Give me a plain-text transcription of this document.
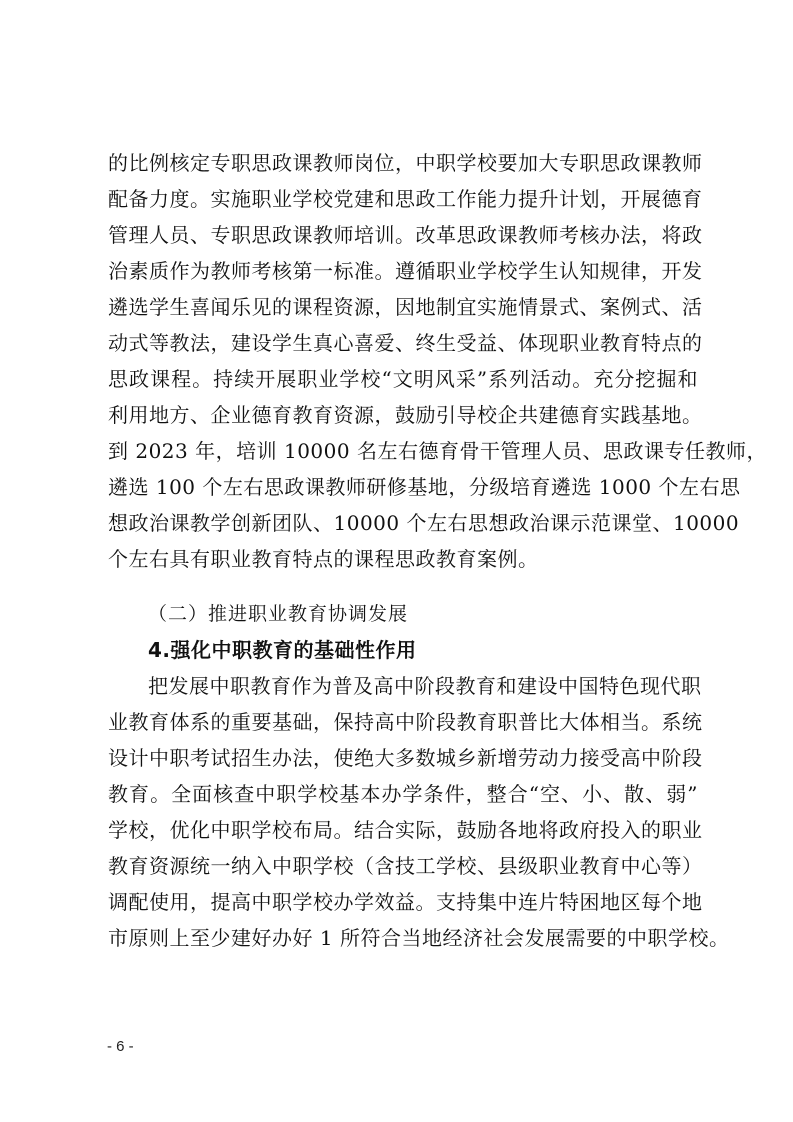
的比例核定专职思政课教师岗位，中职学校要加大专职思政课教师
配备力度。实施职业学校党建和思政工作能力提升计划，开展德育
管理人员、专职思政课教师培训。改革思政课教师考核办法，将政
治素质作为教师考核第一标准。遵循职业学校学生认知规律，开发
遴选学生喜闻乐见的课程资源，因地制宜实施情景式、案例式、活
动式等教法，建设学生真心喜爱、终生受益、体现职业教育特点的
思政课程。持续开展职业学校“文明风采”系列活动。充分挖掘和
利用地方、企业德育教育资源，鼓励引导校企共建德育实践基地。
到 2023 年，培训 10000 名左右德育骨干管理人员、思政课专任教师，
遴选 100 个左右思政课教师研修基地，分级培育遴选 1000 个左右思
想政治课教学创新团队、10000 个左右思想政治课示范课堂、10000
个左右具有职业教育特点的课程思政教育案例。
（二）推进职业教育协调发展
4.强化中职教育的基础性作用
把发展中职教育作为普及高中阶段教育和建设中国特色现代职
业教育体系的重要基础，保持高中阶段教育职普比大体相当。系统
设计中职考试招生办法，使绝大多数城乡新增劳动力接受高中阶段
教育。全面核查中职学校基本办学条件，整合“空、小、散、弱”
学校，优化中职学校布局。结合实际，鼓励各地将政府投入的职业
教育资源统一纳入中职学校（含技工学校、县级职业教育中心等）
调配使用，提高中职学校办学效益。支持集中连片特困地区每个地
市原则上至少建好办好 1 所符合当地经济社会发展需要的中职学校。
- 6 -
